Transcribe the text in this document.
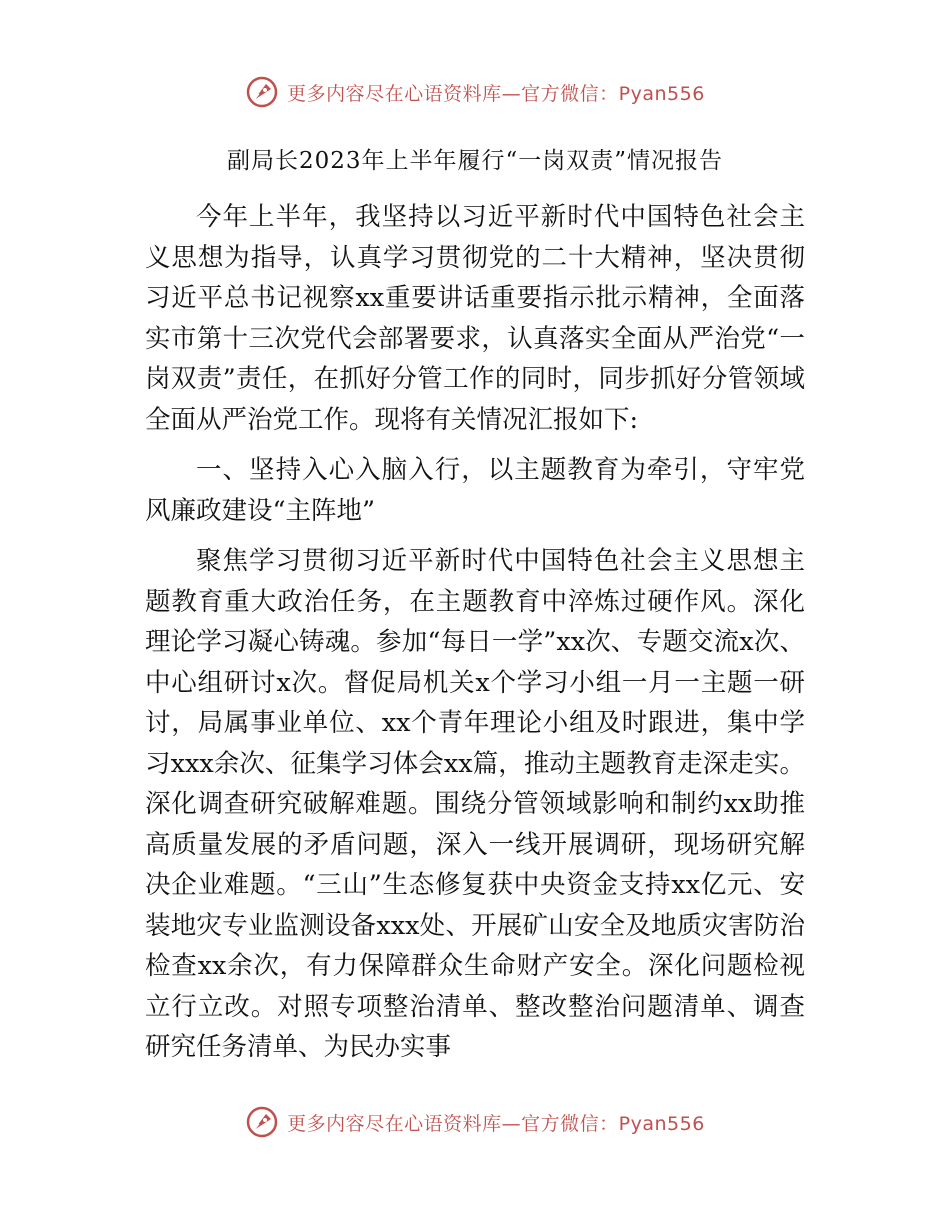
更多内容尽在心语资料库—官方微信：Pyan556
副局长2023年上半年履行“一岗双责”情况报告

今年上半年，我坚持以习近平新时代中国特色社会主义思想为指导，认真学习贯彻党的二十大精神，坚决贯彻习近平总书记视察xx重要讲话重要指示批示精神，全面落实市第十三次党代会部署要求，认真落实全面从严治党“一岗双责”责任，在抓好分管工作的同时，同步抓好分管领域全面从严治党工作。现将有关情况汇报如下:

一、坚持入心入脑入行，以主题教育为牵引，守牢党风廉政建设“主阵地”

聚焦学习贯彻习近平新时代中国特色社会主义思想主题教育重大政治任务，在主题教育中淬炼过硬作风。深化理论学习凝心铸魂。参加“每日一学”xx次、专题交流x次、中心组研讨x次。督促局机关x个学习小组一月一主题一研讨，局属事业单位、xx个青年理论小组及时跟进，集中学习xxx余次、征集学习体会xx篇，推动主题教育走深走实。深化调查研究破解难题。围绕分管领域影响和制约xx助推高质量发展的矛盾问题，深入一线开展调研，现场研究解决企业难题。“三山”生态修复获中央资金支持xx亿元、安装地灾专业监测设备xxx处、开展矿山安全及地质灾害防治检查xx余次，有力保障群众生命财产安全。深化问题检视立行立改。对照专项整治清单、整改整治问题清单、调查研究任务清单、为民办实事

更多内容尽在心语资料库—官方微信：Pyan556
